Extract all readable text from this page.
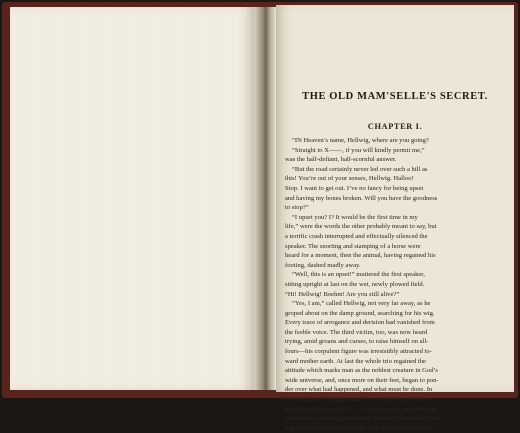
THE OLD MAM'SELLE'S SECRET.
CHAPTER I.
“IN Heaven’s name, Hellwig, where are you going?
“Straight to X——, if you will kindly permit me,”
was the half-defiant, half-scornful answer.
“But the road certainly never led over such a hill as
this! You’re out of your senses, Hellwig. Halloo!
Stop. I want to get out. I’ve no fancy for being upset
and having my bones broken. Will you have the goodness
to stop?”
“I upset you? I? It would be the first time in my
life,” were the words the other probably meant to say, but
a terrific crash interrupted and effectually silenced the
speaker. The snorting and stamping of a horse were
heard for a moment, then the animal, having regained his
footing, dashed madly away.
“Well, this is an upset!” muttered the first speaker,
sitting upright at last on the wet, newly plowed field.
“Hi! Hellwig! Boehm! Are you still alive?”
“Yes, I am,” called Hellwig, not very far away, as he
groped about on the damp ground, searching for his wig.
Every trace of arrogance and derision had vanished from
the feeble voice. The third victim, too, was now heard
trying, amid groans and curses, to raise himself on all-
fours—his corpulent figure was irresistibly attracted to-
ward mother earth. At last the whole trio regained the
attitude which marks man as the noblest creature in God’s
wide universe, and, once more on their feet, began to pon-
der over what had happened, and what must be done. In
the first place, the light vehicle in which the gentlemen
had left their homes in X—— that morning, on a hunting
excursion, was lying overturned, with its four wheels point-
ing skyward, on the side of the little hill that had caused
